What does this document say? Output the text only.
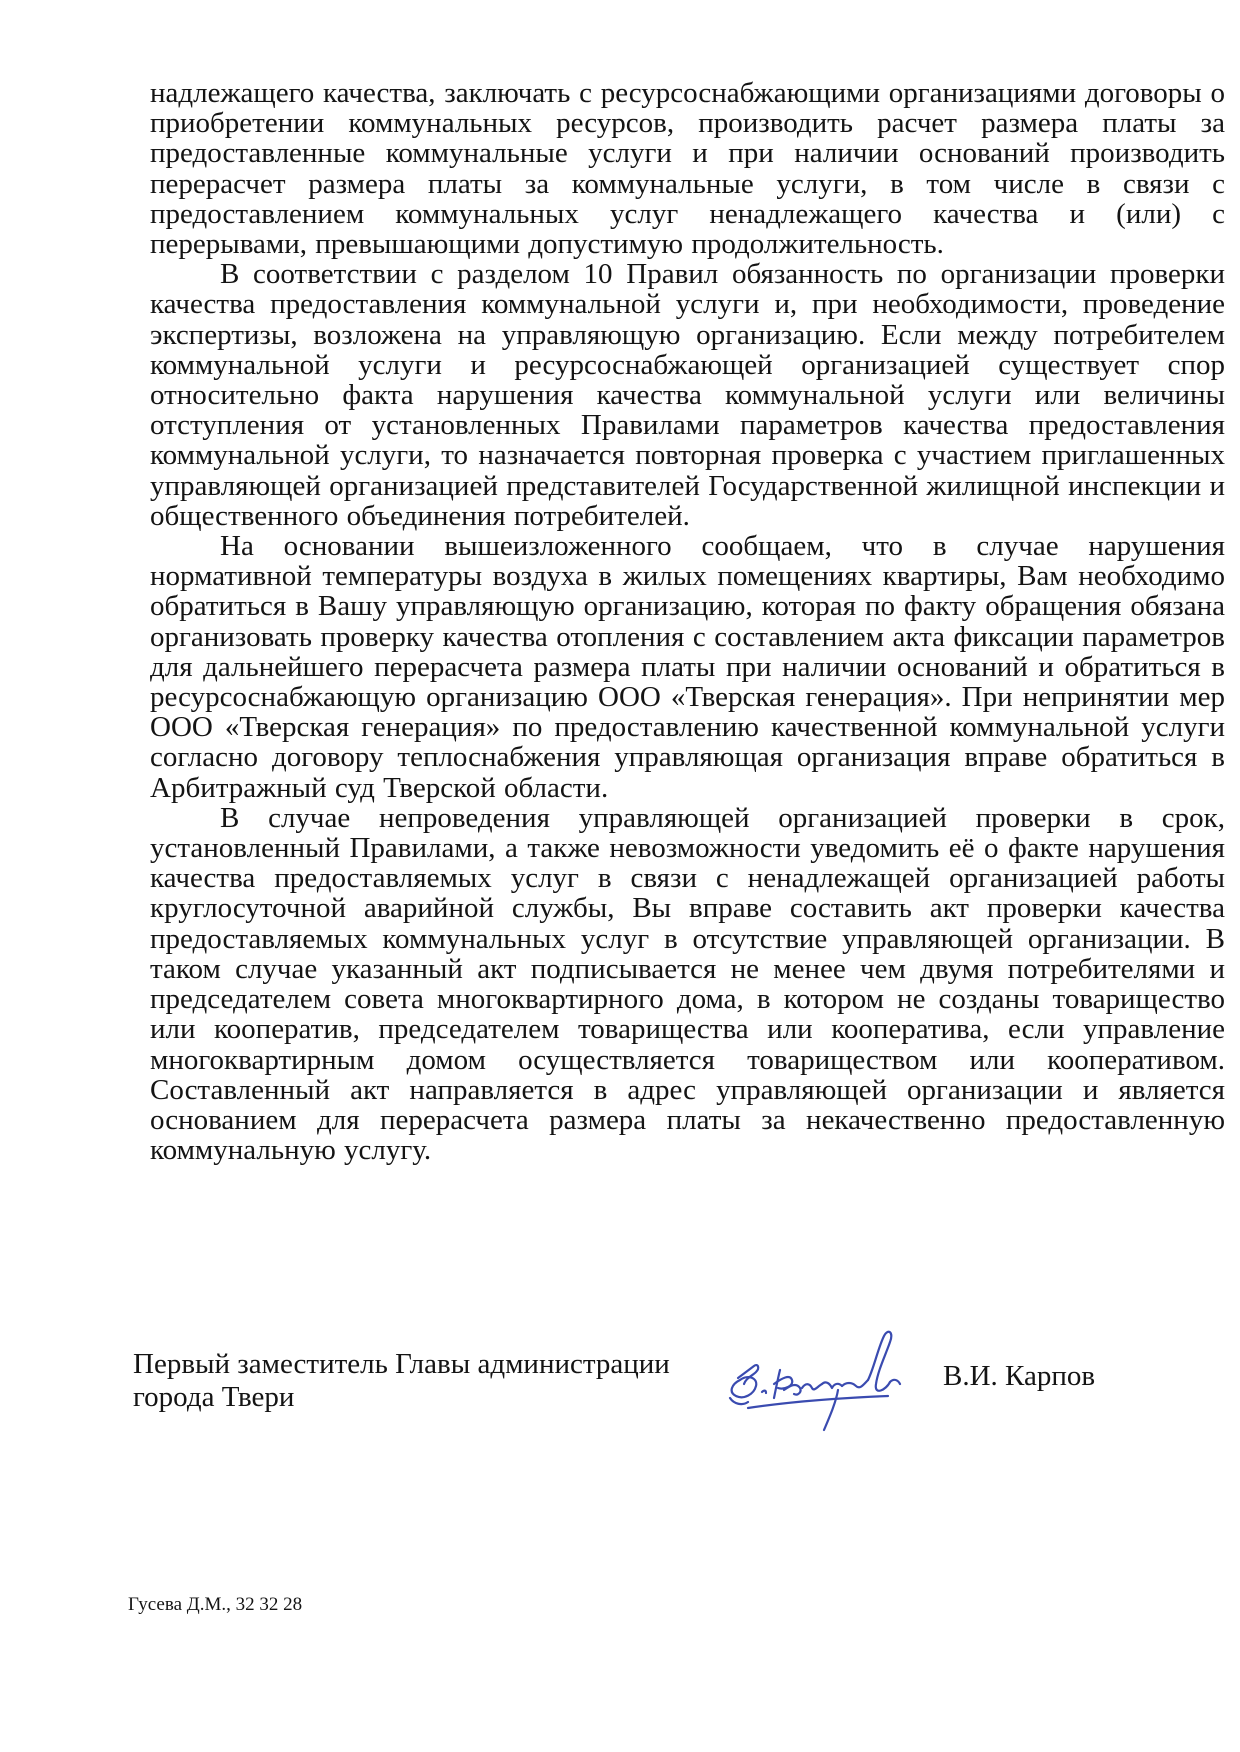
надлежащего качества, заключать с ресурсоснабжающими организациями договоры о приобретении коммунальных ресурсов, производить расчет размера платы за предоставленные коммунальные услуги и при наличии оснований производить перерасчет размера платы за коммунальные услуги, в том числе в связи с предоставлением коммунальных услуг ненадлежащего качества и (или) с перерывами, превышающими допустимую продолжительность.

В соответствии с разделом 10 Правил обязанность по организации проверки качества предоставления коммунальной услуги и, при необходимости, проведение экспертизы, возложена на управляющую организацию. Если между потребителем коммунальной услуги и ресурсоснабжающей организацией существует спор относительно факта нарушения качества коммунальной услуги или величины отступления от установленных Правилами параметров качества предоставления коммунальной услуги, то назначается повторная проверка с участием приглашенных управляющей организацией представителей Государственной жилищной инспекции и общественного объединения потребителей.

На основании вышеизложенного сообщаем, что в случае нарушения нормативной температуры воздуха в жилых помещениях квартиры, Вам необходимо обратиться в Вашу управляющую организацию, которая по факту обращения обязана организовать проверку качества отопления с составлением акта фиксации параметров для дальнейшего перерасчета размера платы при наличии оснований и обратиться в ресурсоснабжающую организацию ООО «Тверская генерация». При непринятии мер ООО «Тверская генерация» по предоставлению качественной коммунальной услуги согласно договору теплоснабжения управляющая организация вправе обратиться в Арбитражный суд Тверской области.

В случае непроведения управляющей организацией проверки в срок, установленный Правилами, а также невозможности уведомить её о факте нарушения качества предоставляемых услуг в связи с ненадлежащей организацией работы круглосуточной аварийной службы, Вы вправе составить акт проверки качества предоставляемых коммунальных услуг в отсутствие управляющей организации. В таком случае указанный акт подписывается не менее чем двумя потребителями и председателем совета многоквартирного дома, в котором не созданы товарищество или кооператив, председателем товарищества или кооператива, если управление многоквартирным домом осуществляется товариществом или кооперативом. Составленный акт направляется в адрес управляющей организации и является основанием для перерасчета размера платы за некачественно предоставленную коммунальную услугу.

Первый заместитель Главы администрации
города Твери

В.И. Карпов

Гусева Д.М., 32 32 28
